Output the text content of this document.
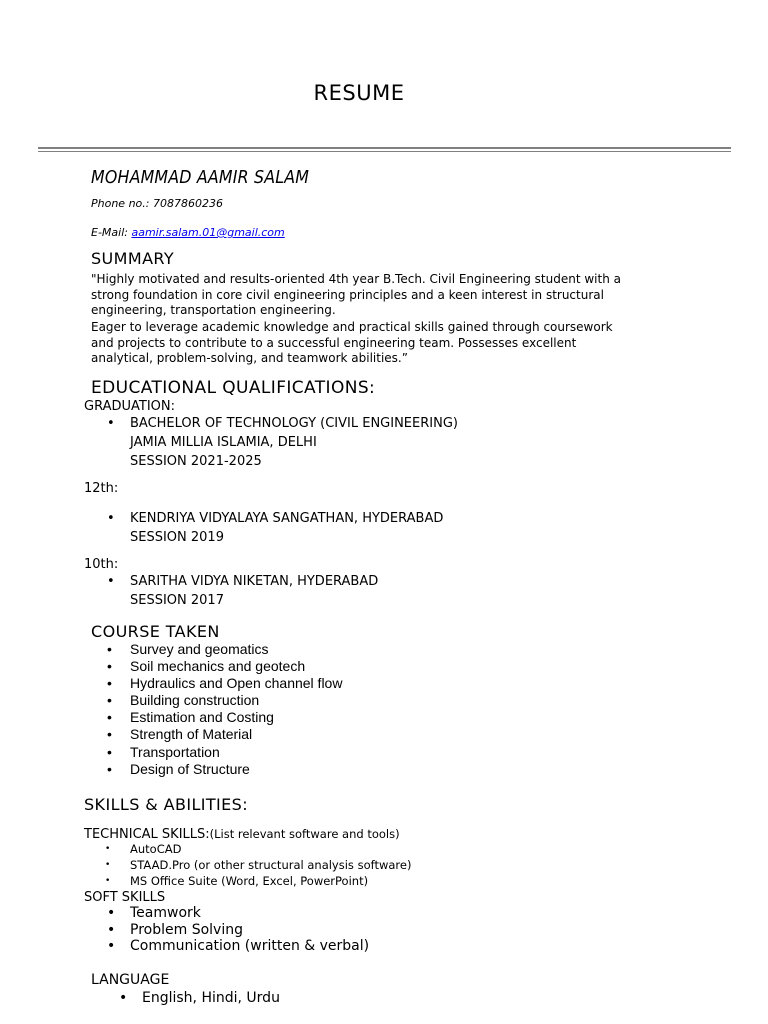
RESUME
MOHAMMAD AAMIR SALAM
Phone no.: 7087860236
E-Mail: aamir.salam.01@gmail.com
SUMMARY
"Highly motivated and results-oriented 4th year B.Tech. Civil Engineering student with a strong foundation in core civil engineering principles and a keen interest in structural engineering, transportation engineering.
Eager to leverage academic knowledge and practical skills gained through coursework and projects to contribute to a successful engineering team. Possesses excellent analytical, problem-solving, and teamwork abilities.”
EDUCATIONAL QUALIFICATIONS:
GRADUATION:
• BACHELOR OF TECHNOLOGY (CIVIL ENGINEERING)
JAMIA MILLIA ISLAMIA, DELHI
SESSION 2021-2025
12th:
• KENDRIYA VIDYALAYA SANGATHAN, HYDERABAD
SESSION 2019
10th:
• SARITHA VIDYA NIKETAN, HYDERABAD
SESSION 2017
COURSE TAKEN
• Survey and geomatics
• Soil mechanics and geotech
• Hydraulics and Open channel flow
• Building construction
• Estimation and Costing
• Strength of Material
• Transportation
• Design of Structure
SKILLS & ABILITIES:
TECHNICAL SKILLS:(List relevant software and tools)
• AutoCAD
• STAAD.Pro (or other structural analysis software)
• MS Office Suite (Word, Excel, PowerPoint)
SOFT SKILLS
• Teamwork
• Problem Solving
• Communication (written & verbal)
LANGUAGE
• English, Hindi, Urdu
